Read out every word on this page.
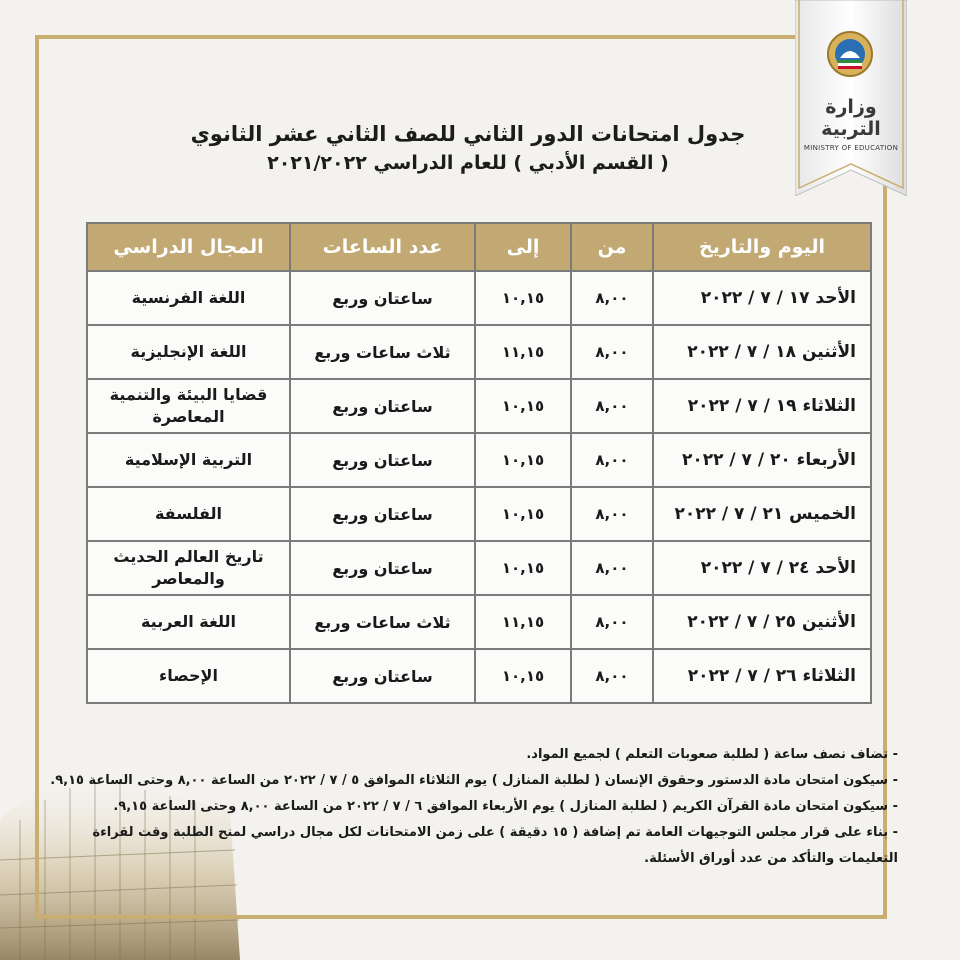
وزارة التربية
MINISTRY OF EDUCATION
جدول امتحانات الدور الثاني للصف الثاني عشر الثانوي
( القسم الأدبي ) للعام الدراسي ٢٠٢١/٢٠٢٢
اليوم والتاريخ	من	إلى	عدد الساعات	المجال الدراسي
الأحد ١٧ / ٧ / ٢٠٢٢	٨,٠٠	١٠,١٥	ساعتان وربع	اللغة الفرنسية
الأثنين ١٨ / ٧ / ٢٠٢٢	٨,٠٠	١١,١٥	ثلاث ساعات وربع	اللغة الإنجليزية
الثلاثاء ١٩ / ٧ / ٢٠٢٢	٨,٠٠	١٠,١٥	ساعتان وربع	قضايا البيئة والتنمية المعاصرة
الأربعاء ٢٠ / ٧ / ٢٠٢٢	٨,٠٠	١٠,١٥	ساعتان وربع	التربية الإسلامية
الخميس ٢١ / ٧ / ٢٠٢٢	٨,٠٠	١٠,١٥	ساعتان وربع	الفلسفة
الأحد ٢٤ / ٧ / ٢٠٢٢	٨,٠٠	١٠,١٥	ساعتان وربع	تاريخ العالم الحديث والمعاصر
الأثنين ٢٥ / ٧ / ٢٠٢٢	٨,٠٠	١١,١٥	ثلاث ساعات وربع	اللغة العربية
الثلاثاء ٢٦ / ٧ / ٢٠٢٢	٨,٠٠	١٠,١٥	ساعتان وربع	الإحصاء

- تضاف نصف ساعة ( لطلبة صعوبات التعلم ) لجميع المواد.

- سيكون امتحان مادة الدستور وحقوق الإنسان ( لطلبة المنازل ) يوم الثلاثاء الموافق ٥ / ٧ / ٢٠٢٢ من الساعة ٨,٠٠ وحتى الساعة ٩,١٥.

- سيكون امتحان مادة القرآن الكريم ( لطلبة المنازل ) يوم الأربعاء الموافق ٦ / ٧ / ٢٠٢٢ من الساعة ٨,٠٠ وحتى الساعة ٩,١٥.

- بناء على قرار مجلس التوجيهات العامة تم إضافة ( ١٥ دقيقة ) على زمن الامتحانات لكل مجال دراسي لمنح الطلبة وقت لقراءة التعليمات والتأكد من عدد أوراق الأسئلة.
